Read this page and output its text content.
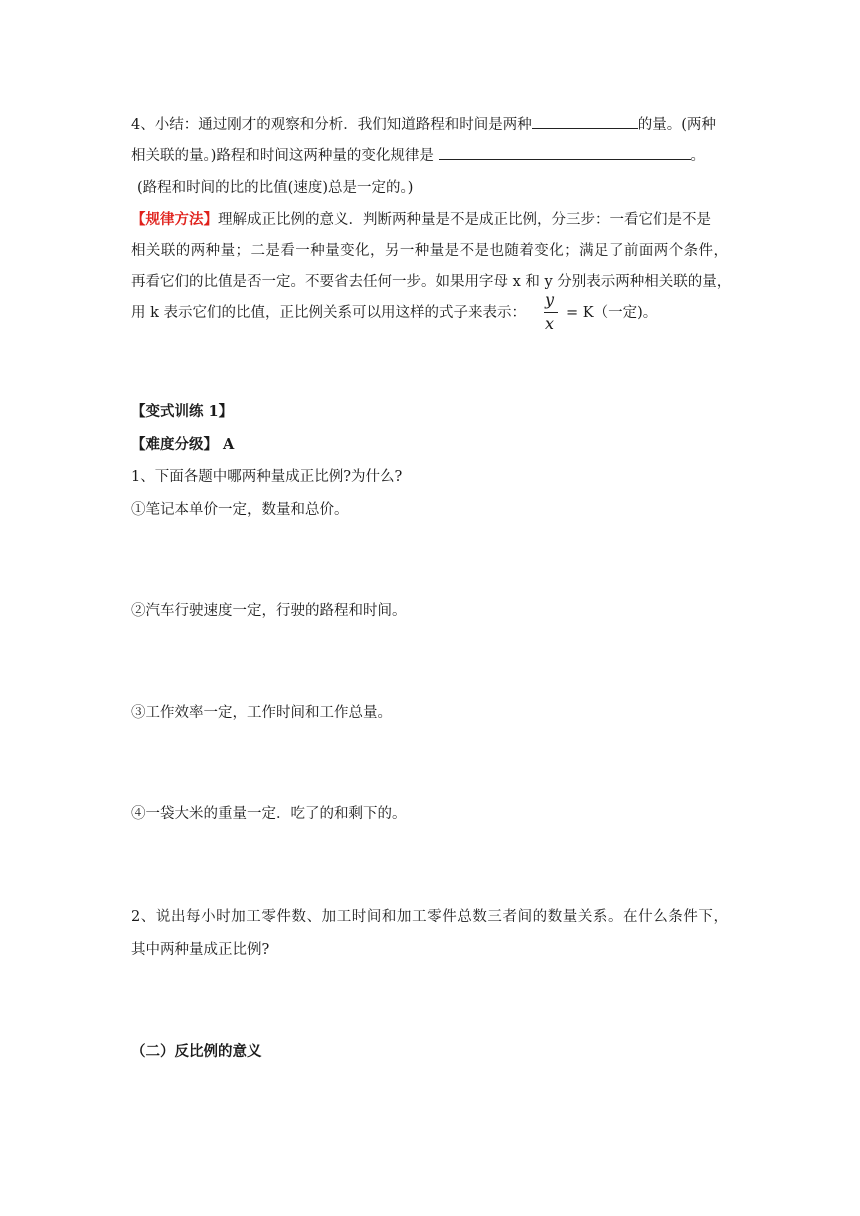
4、小结：通过刚才的观察和分析．我们知道路程和时间是两种	的量。(两种
相关联的量。)路程和时间这两种量的变化规律是	。
(路程和时间的比的比值(速度)总是一定的。)
【规律方法】理解成正比例的意义．判断两种量是不是成正比例，分三步：一看它们是不是
相关联的两种量；二是看一种量变化，另一种量是不是也随着变化；满足了前面两个条件，
再看它们的比值是否一定。不要省去任何一步。如果用字母 x 和 y 分别表示两种相关联的量，
用 k 表示它们的比值，正比例关系可以用这样的式子来表示：
y
x
= K（一定)。
【变式训练 1】
【难度分级】 A
1、下面各题中哪两种量成正比例?为什么?
①笔记本单价一定，数量和总价。
②汽车行驶速度一定，行驶的路程和时间。
③工作效率一定，工作时间和工作总量。
④一袋大米的重量一定．吃了的和剩下的。
2、说出每小时加工零件数、加工时间和加工零件总数三者间的数量关系。在什么条件下，
其中两种量成正比例?
（二）反比例的意义
